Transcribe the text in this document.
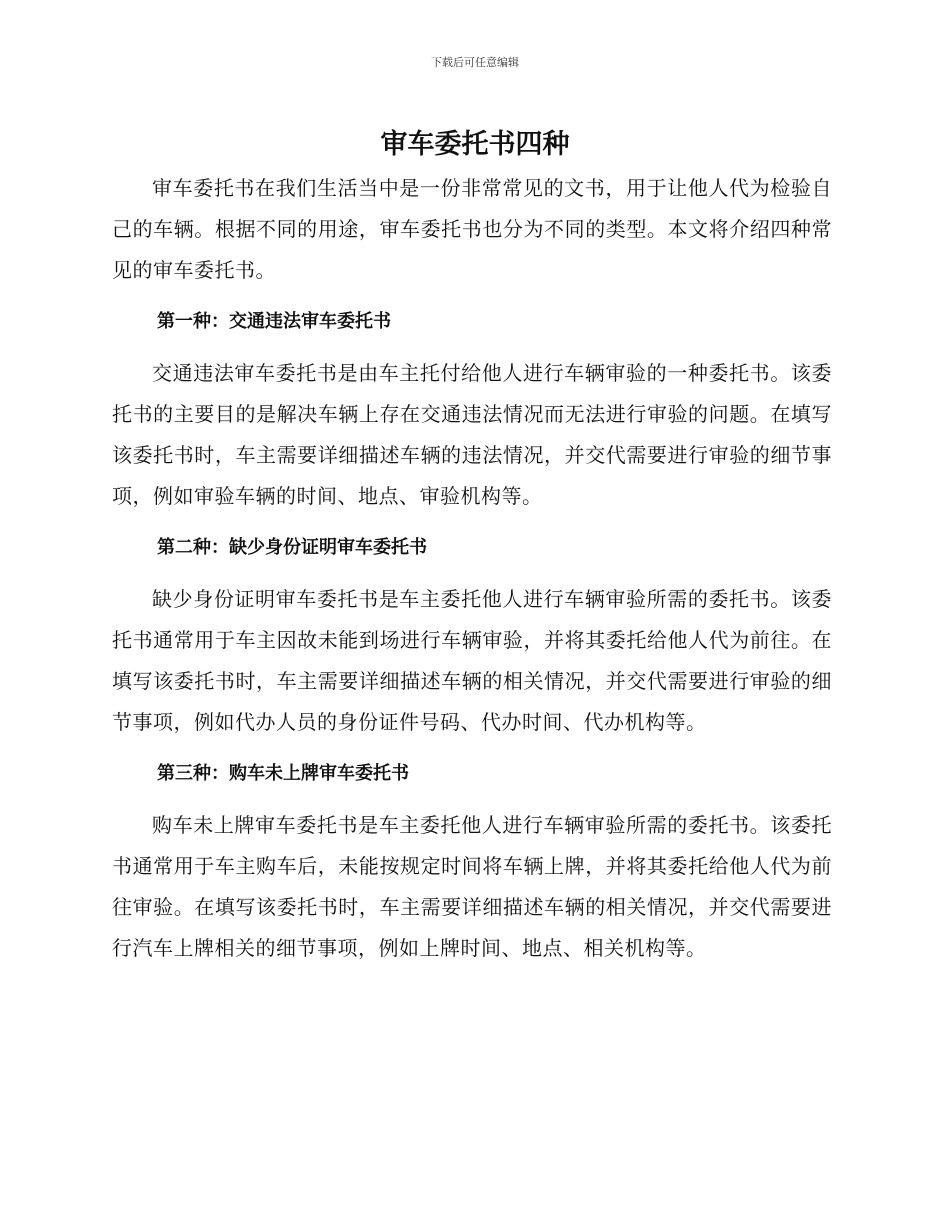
下载后可任意编辑
审车委托书四种

审车委托书在我们生活当中是一份非常常见的文书，用于让他人代为检验自己的车辆。根据不同的用途，审车委托书也分为不同的类型。本文将介绍四种常见的审车委托书。

第一种：交通违法审车委托书

交通违法审车委托书是由车主托付给他人进行车辆审验的一种委托书。该委托书的主要目的是解决车辆上存在交通违法情况而无法进行审验的问题。在填写该委托书时，车主需要详细描述车辆的违法情况，并交代需要进行审验的细节事项，例如审验车辆的时间、地点、审验机构等。

第二种：缺少身份证明审车委托书

缺少身份证明审车委托书是车主委托他人进行车辆审验所需的委托书。该委托书通常用于车主因故未能到场进行车辆审验，并将其委托给他人代为前往。在填写该委托书时，车主需要详细描述车辆的相关情况，并交代需要进行审验的细节事项，例如代办人员的身份证件号码、代办时间、代办机构等。

第三种：购车未上牌审车委托书

购车未上牌审车委托书是车主委托他人进行车辆审验所需的委托书。该委托书通常用于车主购车后，未能按规定时间将车辆上牌，并将其委托给他人代为前往审验。在填写该委托书时，车主需要详细描述车辆的相关情况，并交代需要进行汽车上牌相关的细节事项，例如上牌时间、地点、相关机构等。
